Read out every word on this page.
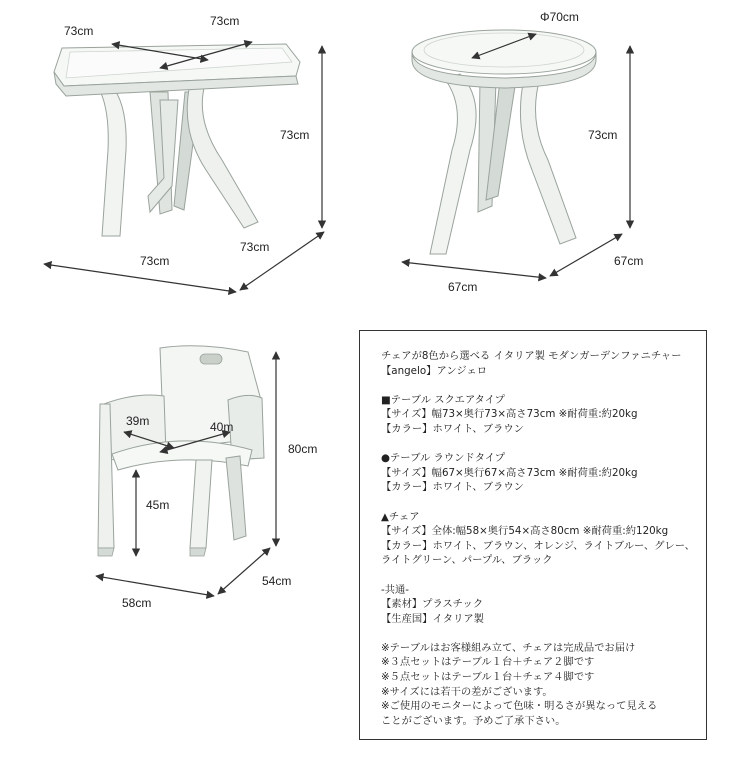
73cm
73cm
73cm
73cm
73cm
Φ70cm
73cm
67cm
67cm
39m	40m
45m
80cm
58cm
54cm
チェアが8色から選べる イタリア製 モダンガーデンファニチャー
【angelo】アンジェロ
■テーブル スクエアタイプ
【サイズ】幅73×奥行73×高さ73cm ※耐荷重:約20kg
【カラー】ホワイト、ブラウン
●テーブル ラウンドタイプ
【サイズ】幅67×奥行67×高さ73cm ※耐荷重:約20kg
【カラー】ホワイト、ブラウン
▲チェア
【サイズ】全体:幅58×奥行54×高さ80cm ※耐荷重:約120kg
【カラー】ホワイト、ブラウン、オレンジ、ライトブルー、グレー、
ライトグリーン、パープル、ブラック
-共通-
【素材】プラスチック
【生産国】イタリア製
※テーブルはお客様組み立て、チェアは完成品でお届け
※３点セットはテーブル１台＋チェア２脚です
※５点セットはテーブル１台＋チェア４脚です
※サイズには若干の差がございます。
※ご使用のモニターによって色味・明るさが異なって見える
ことがございます。予めご了承下さい。
